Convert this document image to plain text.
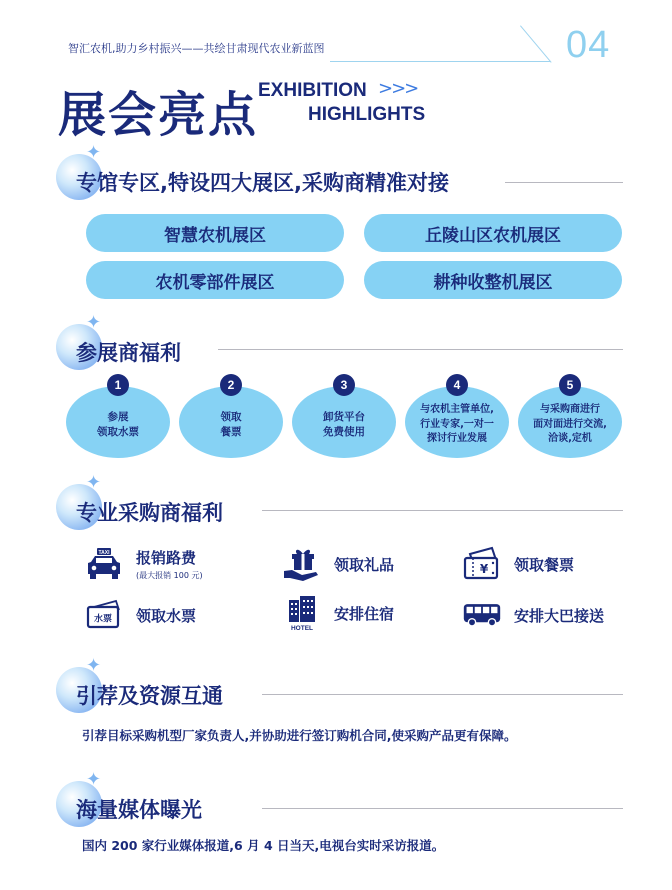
智汇农机,助力乡村振兴——共绘甘肃现代农业新蓝图	04
展会亮点 EXHIBITION >>>
HIGHLIGHTS
✦
专馆专区,特设四大展区,采购商精准对接
智慧农机展区	丘陵山区农机展区
农机零部件展区	耕种收整机展区
✦
参展商福利
参展
领取水票
1
领取
餐票
2
卸货平台
免费使用
3
与农机主管单位,
行业专家,一对一
探讨行业发展
4
与采购商进行
面对面进行交流,
洽谈,定机
5
✦
专业采购商福利
TAXI 报销路费
(最大报销 100 元)
领取礼品	¥ 领取餐票
水票 领取水票
HOTEL
安排住宿	安排大巴接送
✦
引荐及资源互通
引荐目标采购机型厂家负责人,并协助进行签订购机合同,使采购产品更有保障。
✦
海量媒体曝光
国内 200 家行业媒体报道,6 月 4 日当天,电视台实时采访报道。
